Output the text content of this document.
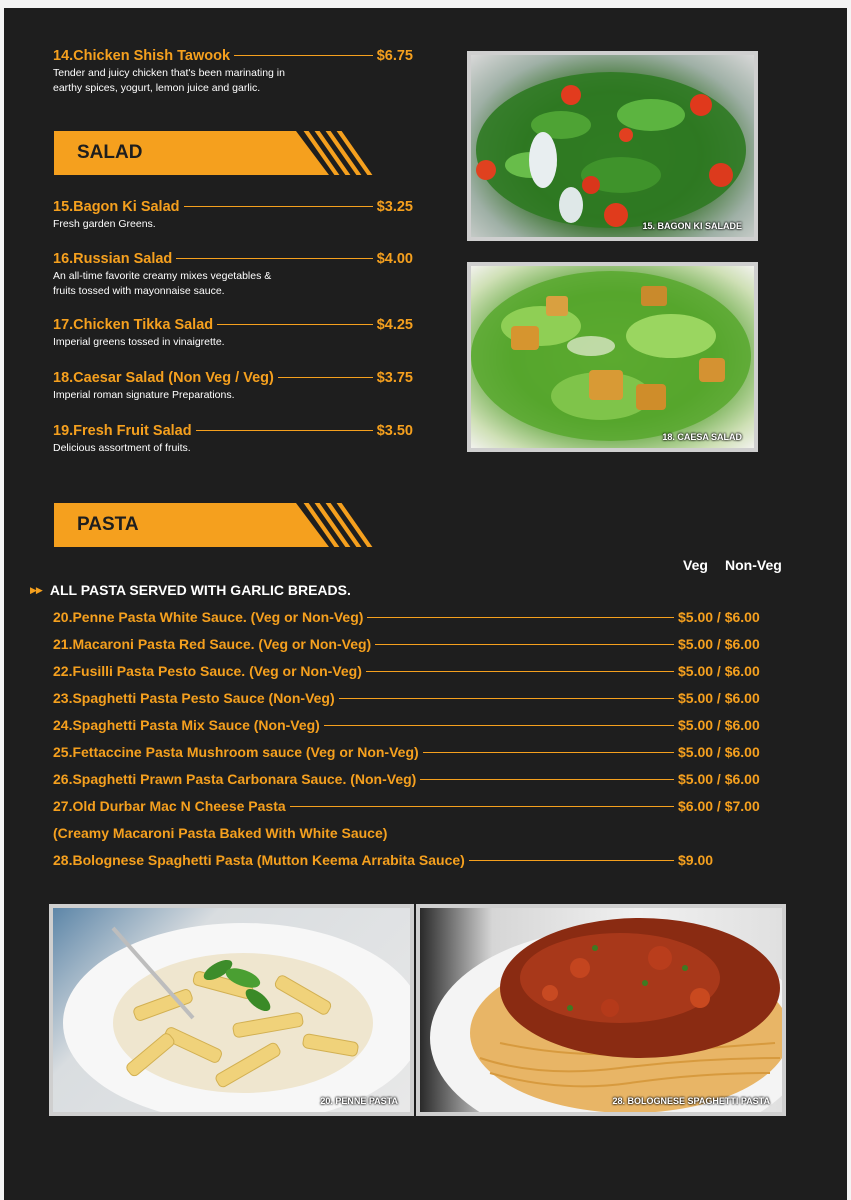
14.Chicken Shish Tawook	$6.75
Tender and juicy chicken that's been marinating in
earthy spices, yogurt, lemon juice and garlic.
SALAD
15.Bagon Ki Salad	$3.25
Fresh garden Greens.
16.Russian Salad	$4.00
An all-time favorite creamy mixes vegetables &
fruits tossed with mayonnaise sauce.
17.Chicken Tikka Salad	$4.25
Imperial greens tossed in vinaigrette.
18.Caesar Salad (Non Veg / Veg)	$3.75
Imperial roman signature Preparations.
19.Fresh Fruit Salad	$3.50
Delicious assortment of fruits.
15. BAGON KI SALADE
18. CAESA SALAD
PASTA
Veg Non-Veg
▶▶ ALL PASTA SERVED WITH GARLIC BREADS.
20.Penne Pasta White Sauce. (Veg or Non-Veg)	$5.00 / $6.00
21.Macaroni Pasta Red Sauce. (Veg or Non-Veg)	$5.00 / $6.00
22.Fusilli Pasta Pesto Sauce. (Veg or Non-Veg)	$5.00 / $6.00
23.Spaghetti Pasta Pesto Sauce (Non-Veg)	$5.00 / $6.00
24.Spaghetti Pasta Mix Sauce (Non-Veg)	$5.00 / $6.00
25.Fettaccine Pasta Mushroom sauce (Veg or Non-Veg)	$5.00 / $6.00
26.Spaghetti Prawn Pasta Carbonara Sauce. (Non-Veg)	$5.00 / $6.00
27.Old Durbar Mac N Cheese Pasta	$6.00 / $7.00
(Creamy Macaroni Pasta Baked With White Sauce)
28.Bolognese Spaghetti Pasta (Mutton Keema Arrabita Sauce)	$9.00
20. PENNE PASTA	28. BOLOGNESE SPAGHETTI PASTA
